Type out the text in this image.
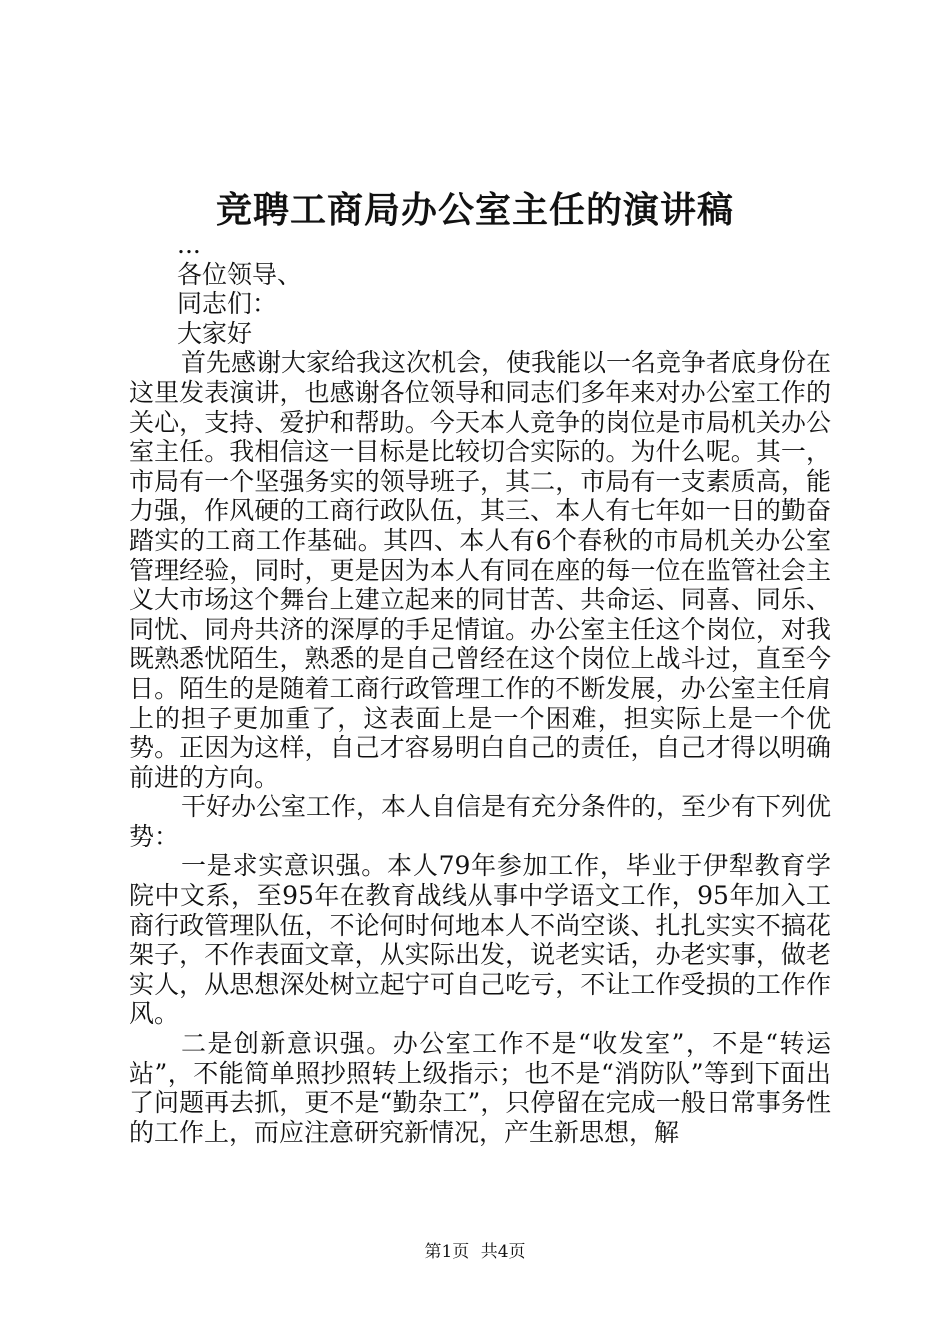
竞聘工商局办公室主任的演讲稿

...

各位领导、

同志们：

大家好

首先感谢大家给我这次机会，使我能以一名竞争者底身份在这里发表演讲，也感谢各位领导和同志们多年来对办公室工作的关心，支持、爱护和帮助。今天本人竞争的岗位是市局机关办公室主任。我相信这一目标是比较切合实际的。为什么呢。其一，市局有一个坚强务实的领导班子，其二，市局有一支素质高，能力强，作风硬的工商行政队伍，其三、本人有七年如一日的勤奋踏实的工商工作基础。其四、本人有6个春秋的市局机关办公室管理经验，同时，更是因为本人有同在座的每一位在监管社会主义大市场这个舞台上建立起来的同甘苦、共命运、同喜、同乐、同忧、同舟共济的深厚的手足情谊。办公室主任这个岗位，对我既熟悉忧陌生，熟悉的是自己曾经在这个岗位上战斗过，直至今日。陌生的是随着工商行政管理工作的不断发展，办公室主任肩上的担子更加重了，这表面上是一个困难，担实际上是一个优势。正因为这样，自己才容易明白自己的责任，自己才得以明确前进的方向。

干好办公室工作，本人自信是有充分条件的，至少有下列优势：

一是求实意识强。本人79年参加工作，毕业于伊犁教育学院中文系，至95年在教育战线从事中学语文工作，95年加入工商行政管理队伍，不论何时何地本人不尚空谈、扎扎实实不搞花架子，不作表面文章，从实际出发，说老实话，办老实事，做老实人，从思想深处树立起宁可自己吃亏，不让工作受损的工作作风。

二是创新意识强。办公室工作不是“收发室”，不是“转运站”，不能简单照抄照转上级指示；也不是“消防队”等到下面出了问题再去抓，更不是“勤杂工”，只停留在完成一般日常事务性的工作上，而应注意研究新情况，产生新思想，解

第1页 共4页
